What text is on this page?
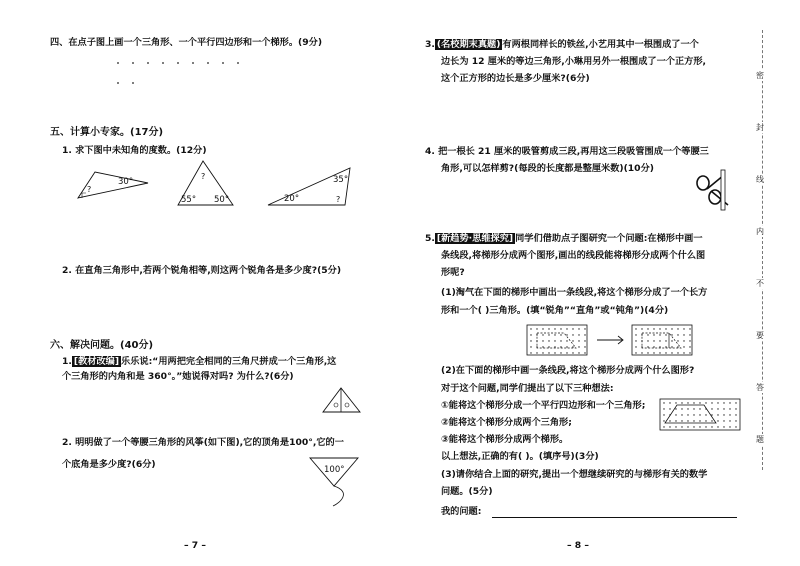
四、在点子图上画一个三角形、一个平行四边形和一个梯形。(9分)
五、计算小专家。(17分)
1. 求下图中未知角的度数。(12分)
?
30°
?
55° 50°
35°
20°	?
2. 在直角三角形中,若两个锐角相等,则这两个锐角各是多少度?(5分)
六、解决问题。(40分)
1. [教材改编] 乐乐说:“用两把完全相同的三角尺拼成一个三角形,这
个三角形的内角和是 360°。”她说得对吗? 为什么?(6分)
2. 明明做了一个等腰三角形的风筝(如下图),它的顶角是100°,它的一
个底角是多少度?(6分)	100°
– 7 –
3. (名校期末真题) 有两根同样长的铁丝,小艺用其中一根围成了一个
边长为 12 厘米的等边三角形,小琳用另外一根围成了一个正方形,
这个正方形的边长是多少厘米?(6分)
4. 把一根长 21 厘米的吸管剪成三段,再用这三段吸管围成一个等腰三
角形,可以怎样剪?(每段的长度都是整厘米数)(10分)
5. [新趋势·思维探究] 同学们借助点子图研究一个问题:在梯形中画一
条线段,将梯形分成两个图形,画出的线段能将梯形分成两个什么图
形呢?
(1)淘气在下面的梯形中画出一条线段,将这个梯形分成了一个长方
形和一个( )三角形。(填“锐角”“直角”或“钝角”)(4分)
(2)在下面的梯形中画一条线段,将这个梯形分成两个什么图形?
对于这个问题,同学们提出了以下三种想法:
①能将这个梯形分成一个平行四边形和一个三角形;
②能将这个梯形分成两个三角形;
③能将这个梯形分成两个梯形。
以上想法,正确的有( )。(填序号)(3分)
(3)请你结合上面的研究,提出一个想继续研究的与梯形有关的数学
问题。(5分)
我的问题:
– 8 –
密
封
线
内
不
要
答
题
